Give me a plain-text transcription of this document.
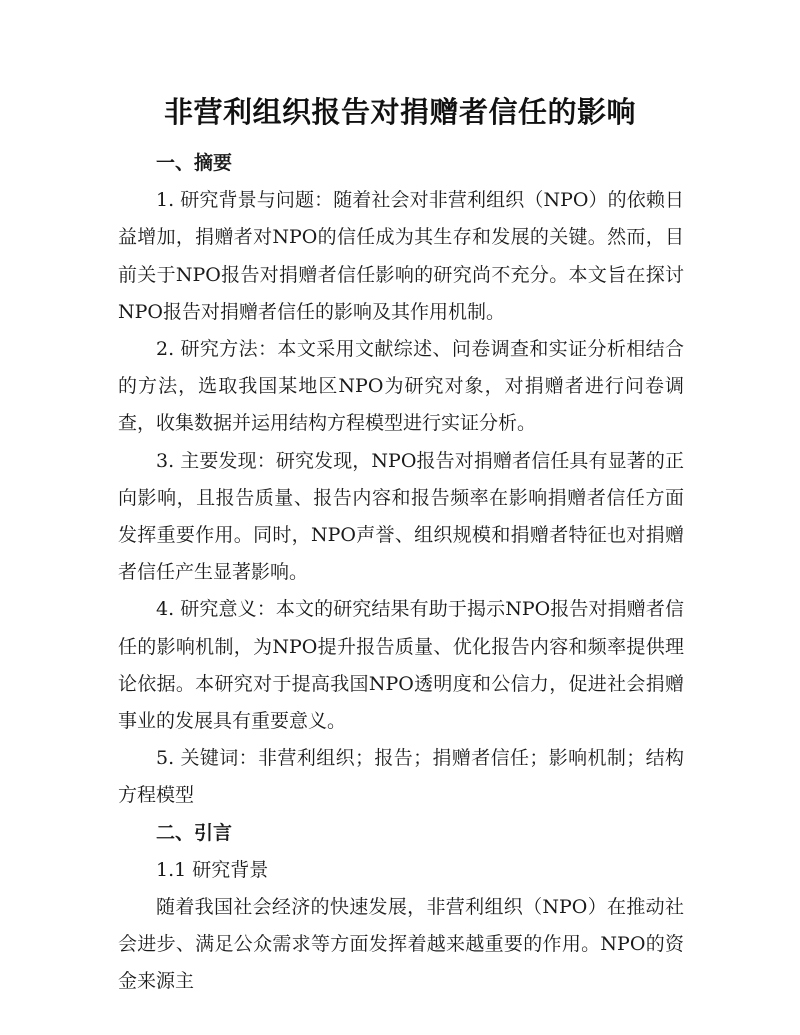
非营利组织报告对捐赠者信任的影响

一、摘要

1. 研究背景与问题：随着社会对非营利组织（NPO）的依赖日益增加，捐赠者对NPO的信任成为其生存和发展的关键。然而，目前关于NPO报告对捐赠者信任影响的研究尚不充分。本文旨在探讨NPO报告对捐赠者信任的影响及其作用机制。

2. 研究方法：本文采用文献综述、问卷调查和实证分析相结合的方法，选取我国某地区NPO为研究对象，对捐赠者进行问卷调查，收集数据并运用结构方程模型进行实证分析。

3. 主要发现：研究发现，NPO报告对捐赠者信任具有显著的正向影响，且报告质量、报告内容和报告频率在影响捐赠者信任方面发挥重要作用。同时，NPO声誉、组织规模和捐赠者特征也对捐赠者信任产生显著影响。

4. 研究意义：本文的研究结果有助于揭示NPO报告对捐赠者信任的影响机制，为NPO提升报告质量、优化报告内容和频率提供理论依据。本研究对于提高我国NPO透明度和公信力，促进社会捐赠事业的发展具有重要意义。

5. 关键词：非营利组织；报告；捐赠者信任；影响机制；结构方程模型

二、引言

1.1 研究背景

随着我国社会经济的快速发展，非营利组织（NPO）在推动社会进步、满足公众需求等方面发挥着越来越重要的作用。NPO的资金来源主
